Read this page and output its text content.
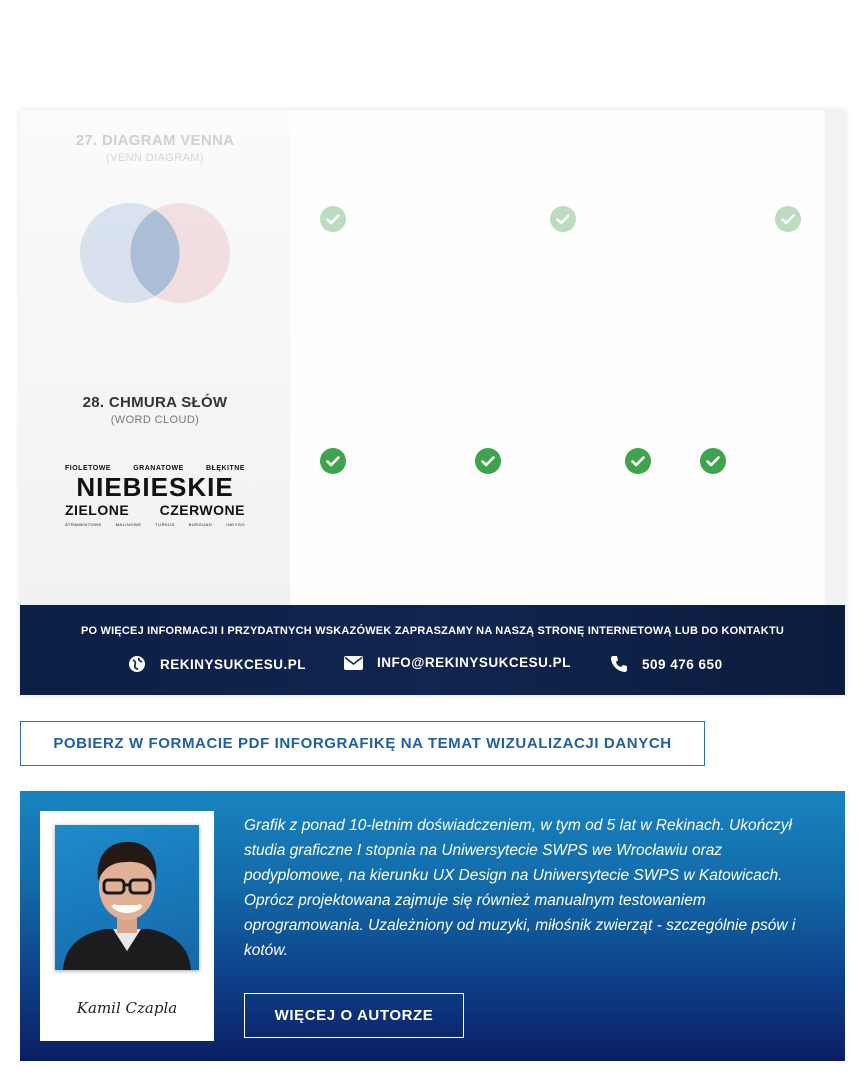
27. DIAGRAM VENNA
(VENN DIAGRAM)
28. CHMURA SŁÓW
(WORD CLOUD)
FIOLETOWE	GRANATOWE	BŁĘKITNE
NIEBIESKIE
ZIELONE CZERWONE
ATRAMENTOWE	MALINOWE	TURKUS	BURGUND	INDYGO
PO WIĘCEJ INFORMACJI I PRZYDATNYCH WSKAZÓWEK ZAPRASZAMY NA NASZĄ STRONĘ INTERNETOWĄ LUB DO KONTAKTU
REKINYSUKCESU.PL	INFO@REKINYSUKCESU.PL	509 476 650
POBIERZ W FORMACIE PDF INFORGRAFIKĘ NA TEMAT WIZUALIZACJI DANYCH
Kamil Czapla
Grafik z ponad 10-letnim doświadczeniem, w tym od 5 lat w Rekinach. Ukończył studia graficzne I stopnia na Uniwersytecie SWPS we Wrocławiu oraz podyplomowe, na kierunku UX Design na Uniwersytecie SWPS w Katowicach. Oprócz projektowana zajmuje się również manualnym testowaniem oprogramowania. Uzależniony od muzyki, miłośnik zwierząt - szczególnie psów i kotów.
WIĘCEJ O AUTORZE
